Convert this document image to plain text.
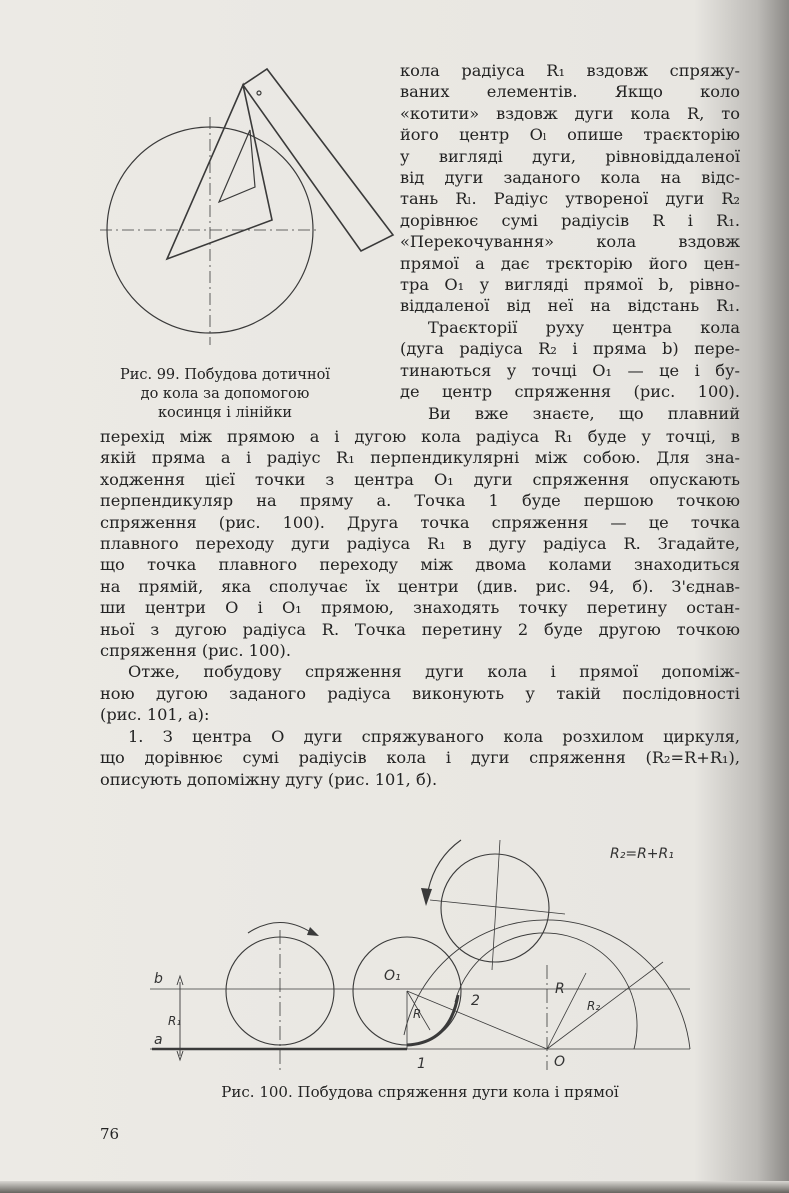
Рис. 99. Побудова дотичної
до кола за допомогою
косинця і лінійки

кола радіуса R₁ вздовж спряжу-

ваних елементів. Якщо коло

«котити» вздовж дуги кола R, то

його центр Oₗ опише траєкторію

у вигляді дуги, рівновіддаленої

від дуги заданого кола на відс-

тань Rₗ. Радіус утвореної дуги R₂

дорівнює сумі радіусів R і R₁.

«Перекочування» кола вздовж

прямої a дає трєкторію його цен-

тра O₁ у вигляді прямої b, рівно-

віддаленої від неї на відстань R₁.

Траєкторії руху центра кола

(дуга радіуса R₂ і пряма b) пере-

тинаються у точці O₁ — це і бу-

де центр спряження (рис. 100).

Ви вже знаєте, що плавний

перехід між прямою a і дугою кола радіуса R₁ буде у точці, в

якій пряма a і радіус R₁ перпендикулярні між собою. Для зна-

ходження цієї точки з центра O₁ дуги спряження опускають

перпендикуляр на пряму a. Точка 1 буде першою точкою

спряження (рис. 100). Друга точка спряження — це точка

плавного переходу дуги радіуса R₁ в дугу радіуса R. Згадайте,

що точка плавного переходу між двома колами знаходиться

на прямій, яка сполучає їх центри (див. рис. 94, б). З'єднав-

ши центри O і O₁ прямою, знаходять точку перетину остан-

ньої з дугою радіуса R. Точка перетину 2 буде другою точкою

спряження (рис. 100).

Отже, побудову спряження дуги кола і прямої допоміж-

ною дугою заданого радіуса виконують у такій послідовності

(рис. 101, a):

1. З центра O дуги спряжуваного кола розхилом циркуля,

що дорівнює сумі радіусів кола і дуги спряження (R₂=R+R₁),

описують допоміжну дугу (рис. 101, б).

R₂=R+R₁
b
a
R₁
O₁
R
2
R
R₂
1	O
Рис. 100. Побудова спряження дуги кола і прямої
76
